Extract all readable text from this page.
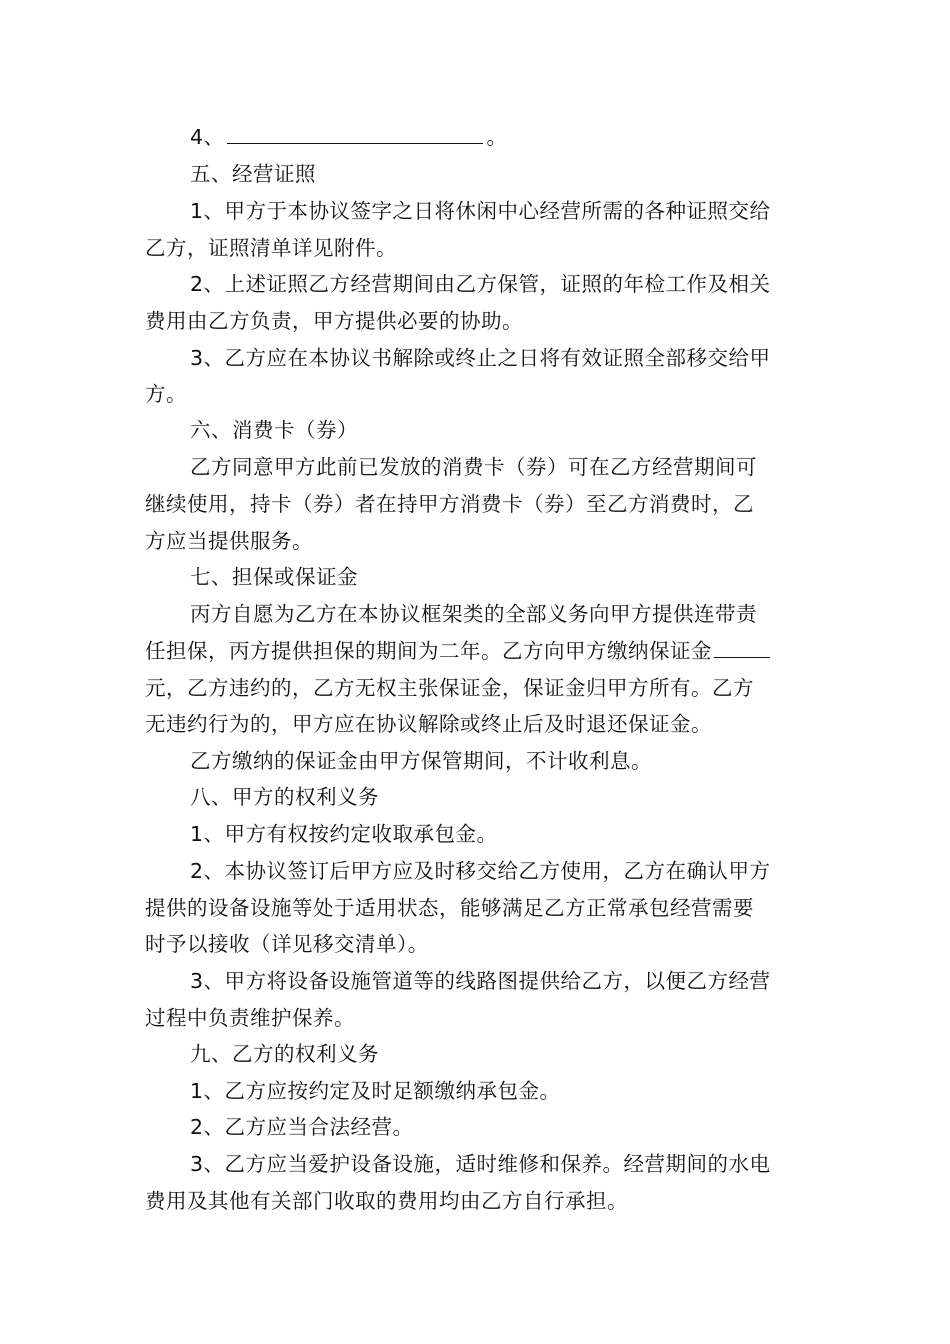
4、	。
五、经营证照
1、甲方于本协议签字之日将休闲中心经营所需的各种证照交给
乙方，证照清单详见附件。
2、上述证照乙方经营期间由乙方保管，证照的年检工作及相关
费用由乙方负责，甲方提供必要的协助。
3、乙方应在本协议书解除或终止之日将有效证照全部移交给甲
方。
六、消费卡（券）
乙方同意甲方此前已发放的消费卡（券）可在乙方经营期间可
继续使用，持卡（券）者在持甲方消费卡（券）至乙方消费时，乙
方应当提供服务。
七、担保或保证金
丙方自愿为乙方在本协议框架类的全部义务向甲方提供连带责
任担保，丙方提供担保的期间为二年。乙方向甲方缴纳保证金
元，乙方违约的，乙方无权主张保证金，保证金归甲方所有。乙方
无违约行为的，甲方应在协议解除或终止后及时退还保证金。
乙方缴纳的保证金由甲方保管期间，不计收利息。
八、甲方的权利义务
1、甲方有权按约定收取承包金。
2、本协议签订后甲方应及时移交给乙方使用，乙方在确认甲方
提供的设备设施等处于适用状态，能够满足乙方正常承包经营需要
时予以接收（详见移交清单）。
3、甲方将设备设施管道等的线路图提供给乙方，以便乙方经营
过程中负责维护保养。
九、乙方的权利义务
1、乙方应按约定及时足额缴纳承包金。
2、乙方应当合法经营。
3、乙方应当爱护设备设施，适时维修和保养。经营期间的水电
费用及其他有关部门收取的费用均由乙方自行承担。
